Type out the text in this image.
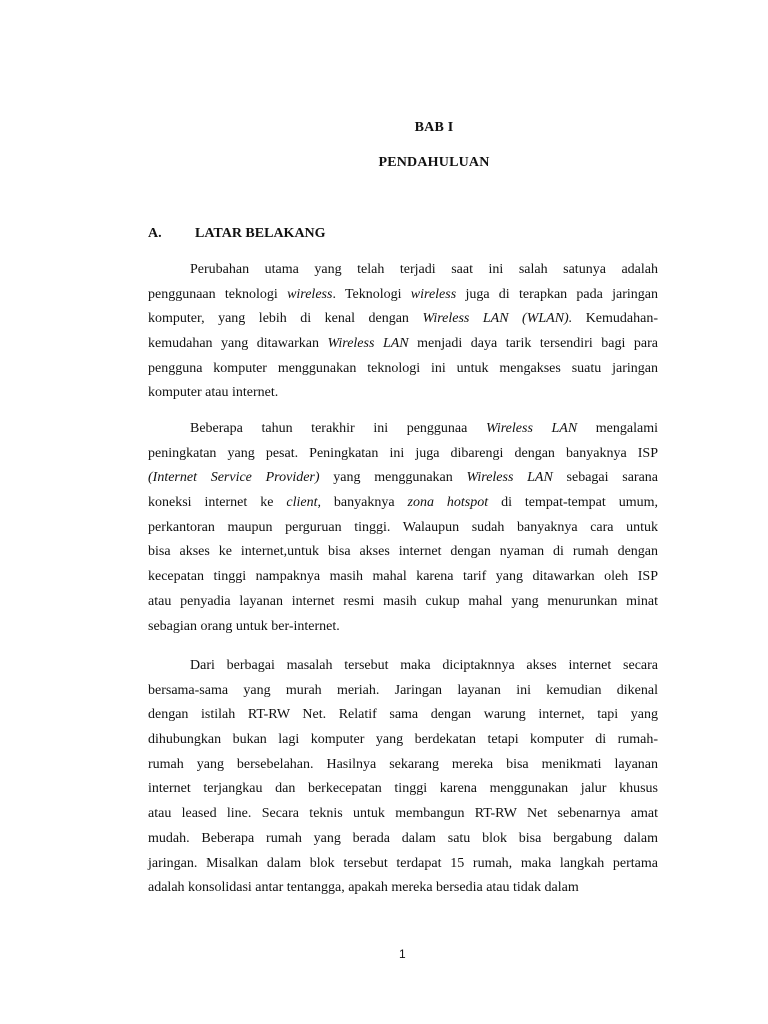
BAB I
PENDAHULUAN
A. LATAR BELAKANG
Perubahan utama yang telah terjadi saat ini salah satunya adalah
penggunaan teknologi wireless. Teknologi wireless juga di terapkan pada jaringan
komputer, yang lebih di kenal dengan Wireless LAN (WLAN). Kemudahan-
kemudahan yang ditawarkan Wireless LAN menjadi daya tarik tersendiri bagi para
pengguna komputer menggunakan teknologi ini untuk mengakses suatu jaringan
komputer atau internet.
Beberapa tahun terakhir ini penggunaa Wireless LAN mengalami
peningkatan yang pesat. Peningkatan ini juga dibarengi dengan banyaknya ISP
(Internet Service Provider) yang menggunakan Wireless LAN sebagai sarana
koneksi internet ke client, banyaknya zona hotspot di tempat-tempat umum,
perkantoran maupun perguruan tinggi. Walaupun sudah banyaknya cara untuk
bisa akses ke internet,untuk bisa akses internet dengan nyaman di rumah dengan
kecepatan tinggi nampaknya masih mahal karena tarif yang ditawarkan oleh ISP
atau penyadia layanan internet resmi masih cukup mahal yang menurunkan minat
sebagian orang untuk ber-internet.
Dari berbagai masalah tersebut maka diciptaknnya akses internet secara
bersama-sama yang murah meriah. Jaringan layanan ini kemudian dikenal
dengan istilah RT-RW Net. Relatif sama dengan warung internet, tapi yang
dihubungkan bukan lagi komputer yang berdekatan tetapi komputer di rumah-
rumah yang bersebelahan. Hasilnya sekarang mereka bisa menikmati layanan
internet terjangkau dan berkecepatan tinggi karena menggunakan jalur khusus
atau leased line. Secara teknis untuk membangun RT-RW Net sebenarnya amat
mudah. Beberapa rumah yang berada dalam satu blok bisa bergabung dalam
jaringan. Misalkan dalam blok tersebut terdapat 15 rumah, maka langkah pertama
adalah konsolidasi antar tentangga, apakah mereka bersedia atau tidak dalam
1
